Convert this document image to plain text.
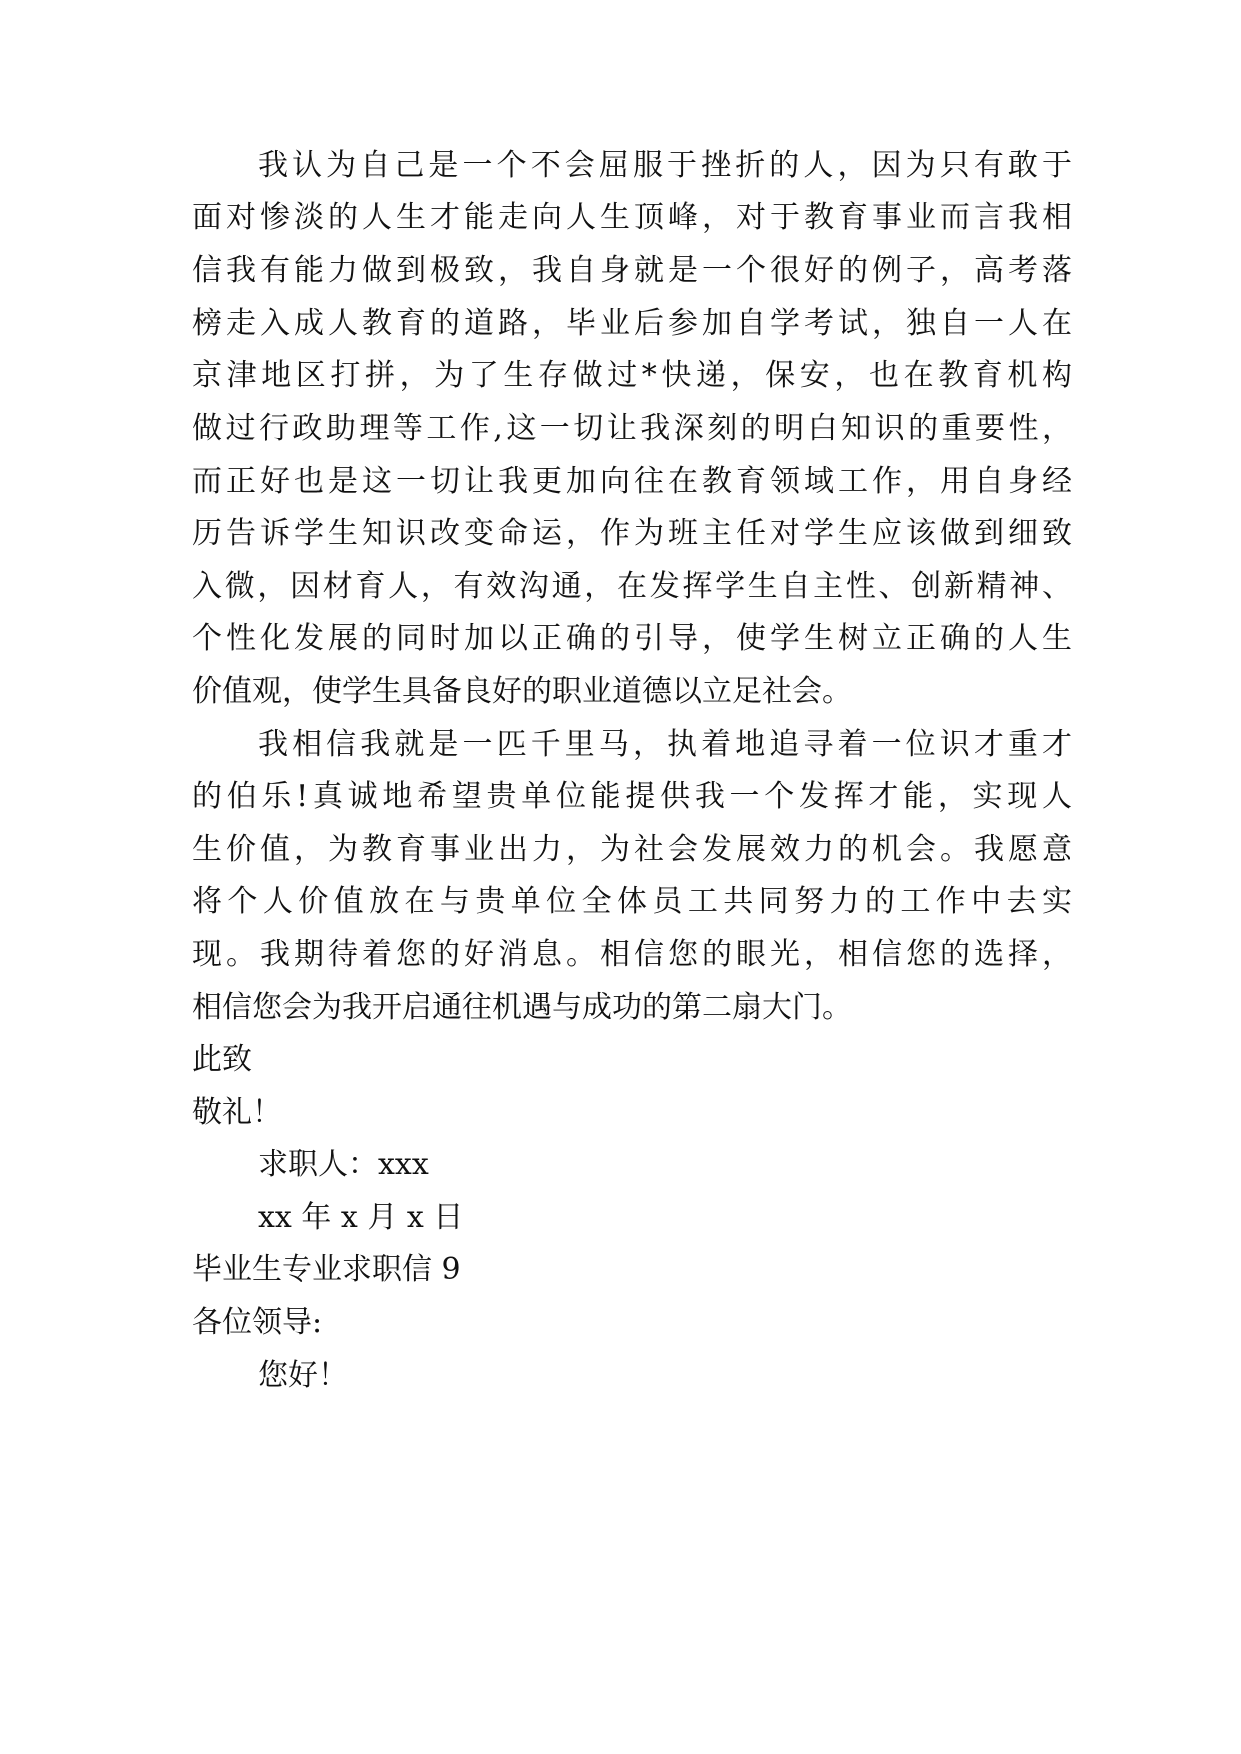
我认为自己是一个不会屈服于挫折的人，因为只有敢于
面对惨淡的人生才能走向人生顶峰，对于教育事业而言我相
信我有能力做到极致，我自身就是一个很好的例子，高考落
榜走入成人教育的道路，毕业后参加自学考试，独自一人在
京津地区打拼，为了生存做过*快递，保安，也在教育机构
做过行政助理等工作,这一切让我深刻的明白知识的重要性，
而正好也是这一切让我更加向往在教育领域工作，用自身经
历告诉学生知识改变命运，作为班主任对学生应该做到细致
入微，因材育人，有效沟通，在发挥学生自主性、创新精神、
个性化发展的同时加以正确的引导，使学生树立正确的人生
价值观，使学生具备良好的职业道德以立足社会。
我相信我就是一匹千里马，执着地追寻着一位识才重才
的伯乐!真诚地希望贵单位能提供我一个发挥才能，实现人
生价值，为教育事业出力，为社会发展效力的机会。我愿意
将个人价值放在与贵单位全体员工共同努力的工作中去实
现。我期待着您的好消息。相信您的眼光，相信您的选择，
相信您会为我开启通往机遇与成功的第二扇大门。
此致
敬礼！
求职人：xxx
xx 年 x 月 x 日
毕业生专业求职信 9
各位领导:
您好！
